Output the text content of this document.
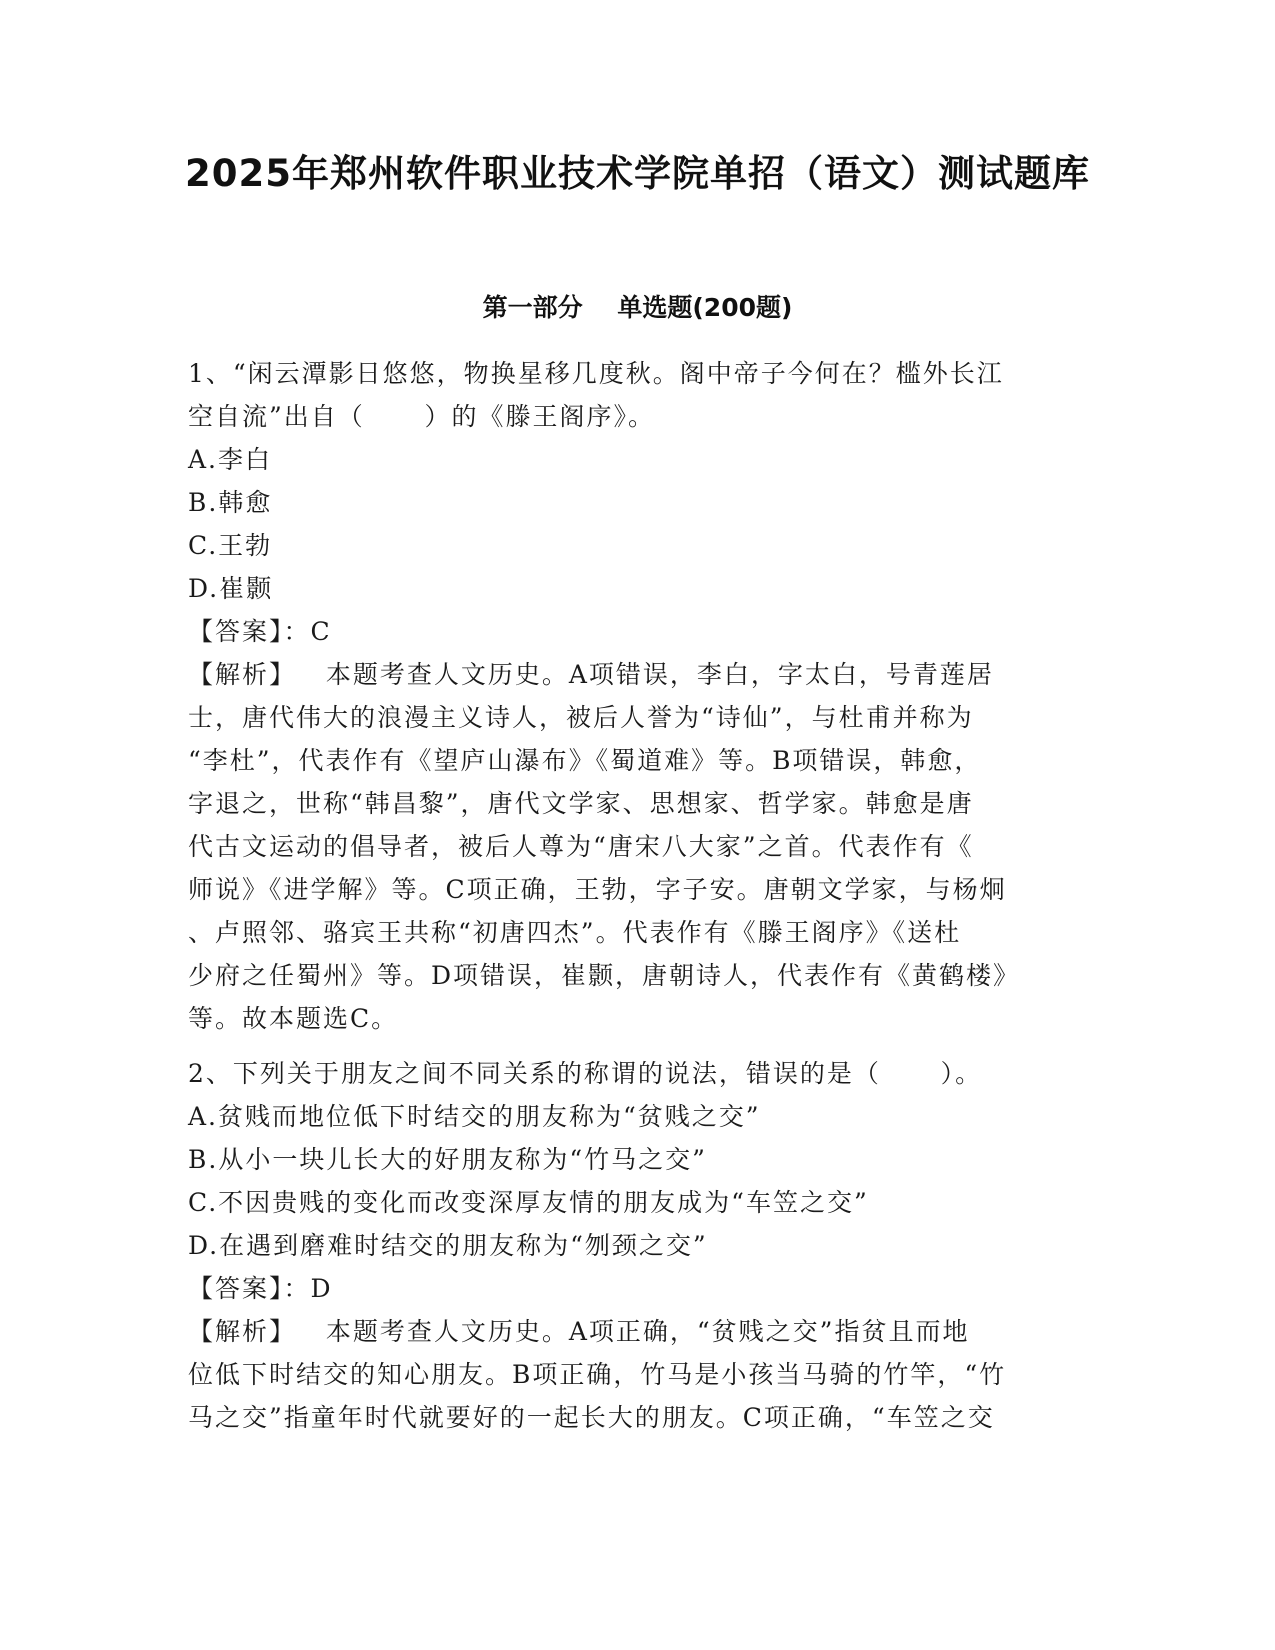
2025年郑州软件职业技术学院单招（语文）测试题库
第一部分    单选题(200题)
1、“闲云潭影日悠悠，物换星移几度秋。阁中帝子今何在？槛外长江
空自流”出自（      ）的《滕王阁序》。
A.李白
B.韩愈
C.王勃
D.崔颢
【答案】：C
【解析】   本题考查人文历史。A项错误，李白，字太白，号青莲居
士，唐代伟大的浪漫主义诗人，被后人誉为“诗仙”，与杜甫并称为
“李杜”，代表作有《望庐山瀑布》《蜀道难》等。B项错误，韩愈，
字退之，世称“韩昌黎”，唐代文学家、思想家、哲学家。韩愈是唐
代古文运动的倡导者，被后人尊为“唐宋八大家”之首。代表作有《
师说》《进学解》等。C项正确，王勃，字子安。唐朝文学家，与杨炯
、卢照邻、骆宾王共称“初唐四杰”。代表作有《滕王阁序》《送杜
少府之任蜀州》等。D项错误，崔颢，唐朝诗人，代表作有《黄鹤楼》
等。故本题选C。
2、下列关于朋友之间不同关系的称谓的说法，错误的是（      ）。
A.贫贱而地位低下时结交的朋友称为“贫贱之交”
B.从小一块儿长大的好朋友称为“竹马之交”
C.不因贵贱的变化而改变深厚友情的朋友成为“车笠之交”
D.在遇到磨难时结交的朋友称为“刎颈之交”
【答案】：D
【解析】   本题考查人文历史。A项正确，“贫贱之交”指贫且而地
位低下时结交的知心朋友。B项正确，竹马是小孩当马骑的竹竿，“竹
马之交”指童年时代就要好的一起长大的朋友。C项正确，“车笠之交
